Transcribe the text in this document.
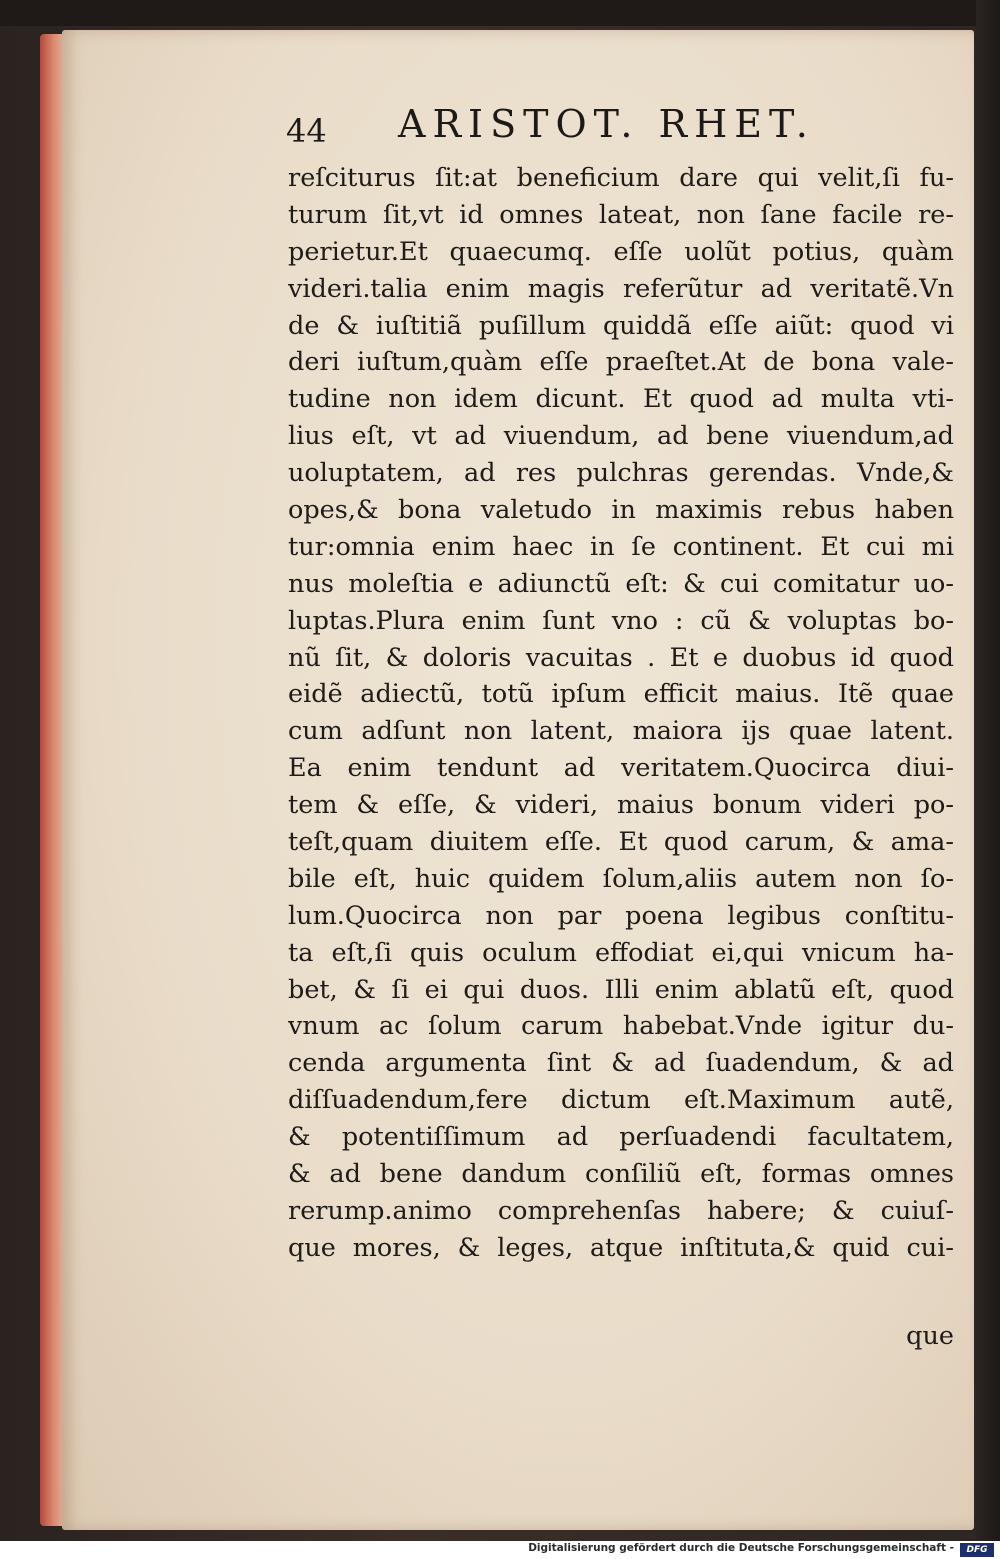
44 ARISTOT. RHET.
reſciturus ſit:at beneficium dare qui velit,ſi fu-
turum ſit,vt id omnes lateat, non ſane facile re-
perietur.Et quaecumq. eſſe uolũt potius, quàm
videri.talia enim magis referũtur ad veritatẽ.Vn
de & iuſtitiã puſillum quiddã eſſe aiũt: quod vi
deri iuſtum,quàm eſſe praeſtet.At de bona vale-
tudine non idem dicunt. Et quod ad multa vti-
lius eſt, vt ad viuendum, ad bene viuendum,ad
uoluptatem, ad res pulchras gerendas. Vnde,&
opes,& bona valetudo in maximis rebus haben
tur:omnia enim haec in ſe continent. Et cui mi
nus moleſtia e adiunctũ eſt: & cui comitatur uo-
luptas.Plura enim ſunt vno : cũ & voluptas bo-
nũ ſit, & doloris vacuitas . Et e duobus id quod
eidẽ adiectũ, totũ ipſum efficit maius. Itẽ quae
cum adſunt non latent, maiora ijs quae latent.
Ea enim tendunt ad veritatem.Quocirca diui-
tem & eſſe, & videri, maius bonum videri po-
teſt,quam diuitem eſſe. Et quod carum, & ama-
bile eſt, huic quidem ſolum,aliis autem non ſo-
lum.Quocirca non par poena legibus conſtitu-
ta eſt,ſi quis oculum effodiat ei,qui vnicum ha-
bet, & ſi ei qui duos. Illi enim ablatũ eſt, quod
vnum ac ſolum carum habebat.Vnde igitur du-
cenda argumenta ſint & ad ſuadendum, & ad
diſſuadendum,fere dictum eſt.Maximum autẽ,
& potentiſſimum ad perſuadendi facultatem,
& ad bene dandum conſiliũ eſt, formas omnes
rerump.animo comprehenſas habere; & cuiuſ-
que mores, & leges, atque inſtituta,& quid cui-
que
Digitalisierung gefördert durch die Deutsche Forschungsgemeinschaft -	DFG
